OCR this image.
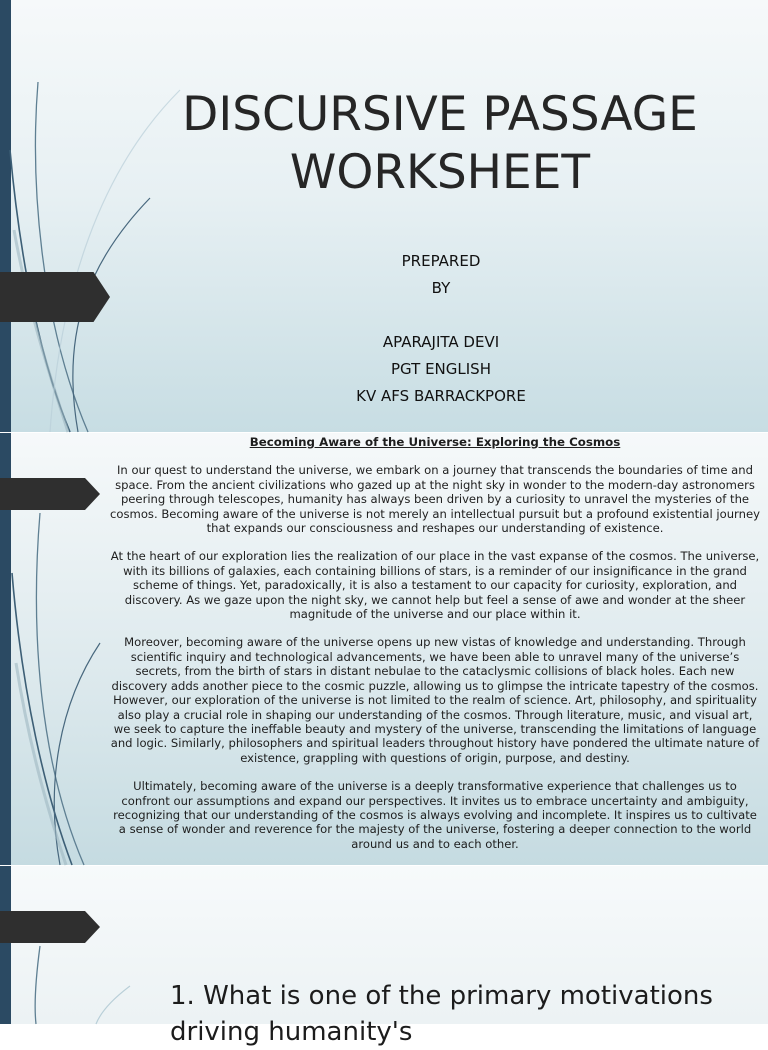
DISCURSIVE PASSAGE
WORKSHEET

PREPARED

BY

APARAJITA DEVI

PGT ENGLISH

KV AFS BARRACKPORE

Becoming Aware of the Universe: Exploring the Cosmos

In our quest to understand the universe, we embark on a journey that transcends the boundaries of time and space. From the ancient civilizations who gazed up at the night sky in wonder to the modern-day astronomers peering through telescopes, humanity has always been driven by a curiosity to unravel the mysteries of the cosmos. Becoming aware of the universe is not merely an intellectual pursuit but a profound existential journey that expands our consciousness and reshapes our understanding of existence.

At the heart of our exploration lies the realization of our place in the vast expanse of the cosmos. The universe, with its billions of galaxies, each containing billions of stars, is a reminder of our insignificance in the grand scheme of things. Yet, paradoxically, it is also a testament to our capacity for curiosity, exploration, and discovery. As we gaze upon the night sky, we cannot help but feel a sense of awe and wonder at the sheer magnitude of the universe and our place within it.

Moreover, becoming aware of the universe opens up new vistas of knowledge and understanding. Through scientific inquiry and technological advancements, we have been able to unravel many of the universe’s secrets, from the birth of stars in distant nebulae to the cataclysmic collisions of black holes. Each new discovery adds another piece to the cosmic puzzle, allowing us to glimpse the intricate tapestry of the cosmos.

However, our exploration of the universe is not limited to the realm of science. Art, philosophy, and spirituality also play a crucial role in shaping our understanding of the cosmos. Through literature, music, and visual art, we seek to capture the ineffable beauty and mystery of the universe, transcending the limitations of language and logic. Similarly, philosophers and spiritual leaders throughout history have pondered the ultimate nature of existence, grappling with questions of origin, purpose, and destiny.

Ultimately, becoming aware of the universe is a deeply transformative experience that challenges us to confront our assumptions and expand our perspectives. It invites us to embrace uncertainty and ambiguity, recognizing that our understanding of the cosmos is always evolving and incomplete. It inspires us to cultivate a sense of wonder and reverence for the majesty of the universe, fostering a deeper connection to the world around us and to each other.

1. What is one of the primary motivations driving humanity's
